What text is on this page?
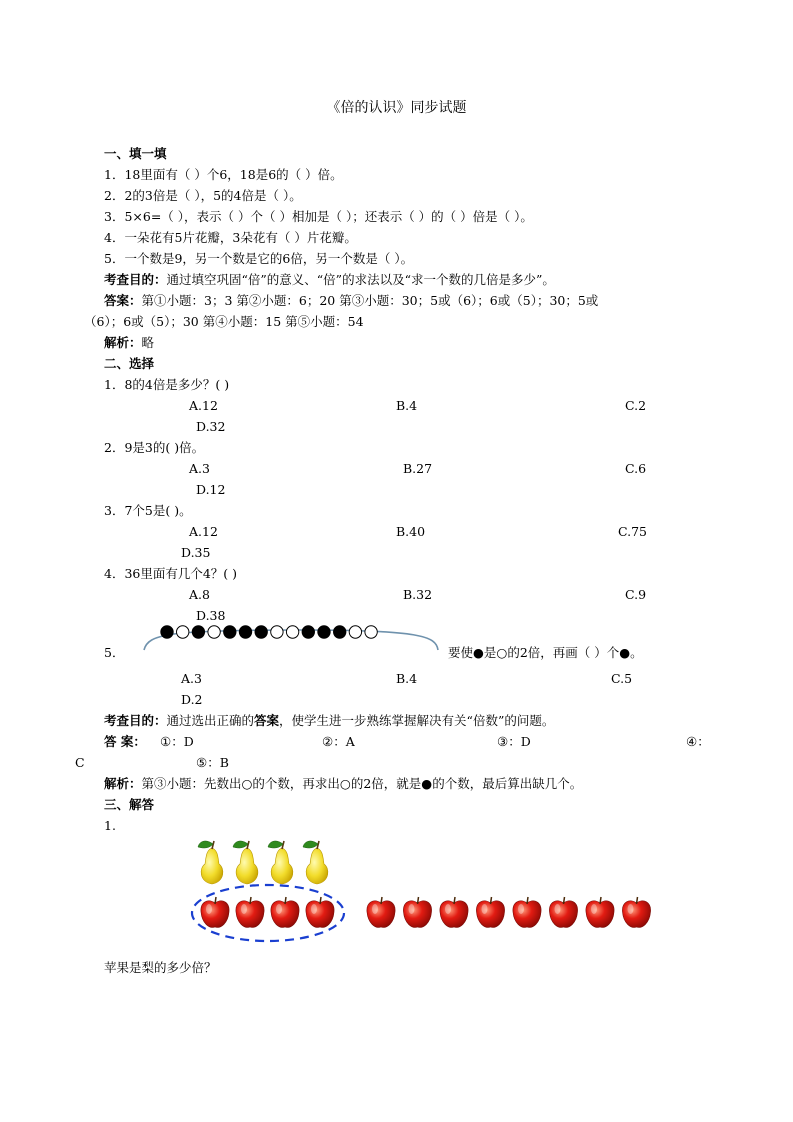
《倍的认识》同步试题
一、填一填
1．18里面有（ ）个6，18是6的（ ）倍。
2．2的3倍是（ ），5的4倍是（ ）。
3．5×6=（ ），表示（ ）个（ ）相加是（ ）；还表示（ ）的（ ）倍是（ ）。
4．一朵花有5片花瓣，3朵花有（ ）片花瓣。
5．一个数是9，另一个数是它的6倍，另一个数是（ ）。
考查目的：通过填空巩固“倍”的意义、“倍”的求法以及“求一个数的几倍是多少”。
答案：第①小题：3；3 第②小题：6；20 第③小题：30；5或（6）；6或（5）；30；5或
（6）；6或（5）；30 第④小题：15 第⑤小题：54
解析：略
二、选择
1．8的4倍是多少？( )
A.12	B.4	C.2
D.32
2．9是3的( )倍。
A.3	B.27	C.6
D.12
3．7个5是( )。
A.12	B.40	C.75
D.35
4．36里面有几个4？( )
A.8	B.32	C.9
D.38
5．	要使●是○的2倍，再画（ ）个●。
A.3	B.4	C.5
D.2
考查目的：通过选出正确的答案，使学生进一步熟练掌握解决有关“倍数”的问题。
答 案： ①：D	②：A	③：D	④：
C	⑤：B
解析：第③小题：先数出○的个数，再求出○的2倍，就是●的个数，最后算出缺几个。
三、解答
1.
苹果是梨的多少倍？
